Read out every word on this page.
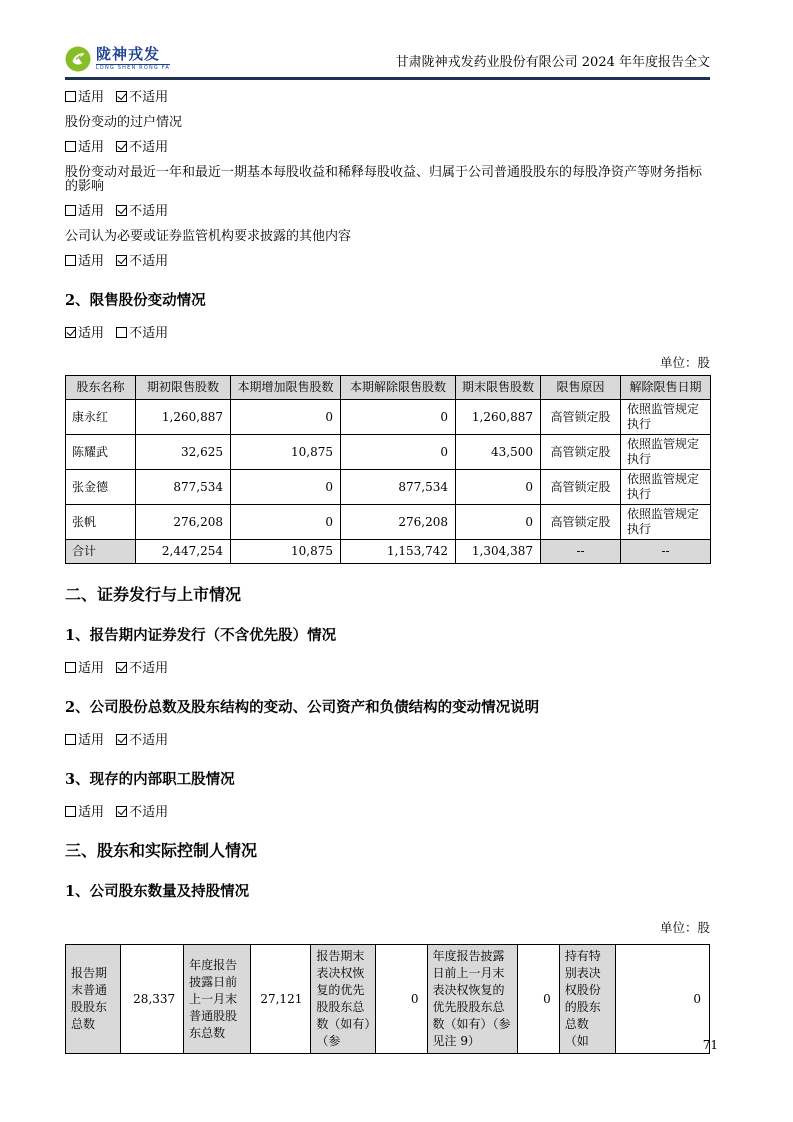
陇神戎发
LONG SHEN RONG FA	甘肃陇神戎发药业股份有限公司 2024 年年度报告全文

适用 不适用

股份变动的过户情况

适用 不适用

股份变动对最近一年和最近一期基本每股收益和稀释每股收益、归属于公司普通股股东的每股净资产等财务指标的影响

适用 不适用

公司认为必要或证券监管机构要求披露的其他内容

适用 不适用

2、限售股份变动情况

适用 不适用

单位：股

股东名称	期初限售股数	本期增加限售股数	本期解除限售股数	期末限售股数	限售原因	解除限售日期
康永红	1,260,887	0	0	1,260,887	高管锁定股	依照监管规定执行
陈耀武	32,625	10,875	0	43,500	高管锁定股	依照监管规定执行
张金德	877,534	0	877,534	0	高管锁定股	依照监管规定执行
张帆	276,208	0	276,208	0	高管锁定股	依照监管规定执行
合计	2,447,254	10,875	1,153,742	1,304,387	--	--
二、证券发行与上市情况
1、报告期内证券发行（不含优先股）情况

适用 不适用

2、公司股份总数及股东结构的变动、公司资产和负债结构的变动情况说明

适用 不适用

3、现存的内部职工股情况

适用 不适用

三、股东和实际控制人情况
1、公司股东数量及持股情况

单位：股

报告期末普通股股东总数	28,337	年度报告披露日前上一月末普通股股东总数	27,121	报告期末表决权恢复的优先股股东总数（如有）（参	0	年度报告披露日前上一月末表决权恢复的优先股股东总数（如有）（参见注 9）	0	持有特别表决权股份的股东总数（如	0
71
